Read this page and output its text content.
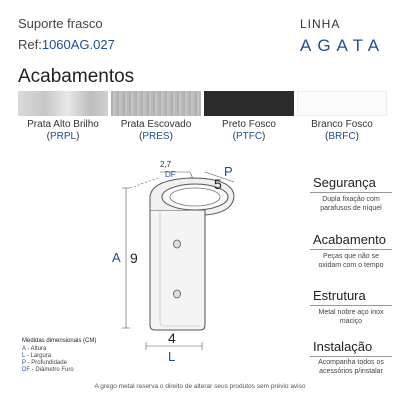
Suporte frasco
Ref:1060AG.027
LINHA
AGATA
Acabamentos
Prata Alto Brilho
(PRPL)
Prata Escovado
(PRES)
Preto Fosco
(PTFC)
Branco Fosco
(BRFC)
2,7
DF
5
P
A 9
4
L
Segurança
Dupla fixação com
parafusos de níquel
Acabamento
Peças que não se
oxidam com o tempo
Estrutura
Metal nobre aço inox
maciço
Instalação
Acompanha todos os
acessórios p/instalar
Medidas dimensionais (CM)
A - Altura
L - Largura
P - Profundidade
DF - Diâmetro Furo
A grego metal reserva o direito de alterar seus produtos sem prévio aviso
